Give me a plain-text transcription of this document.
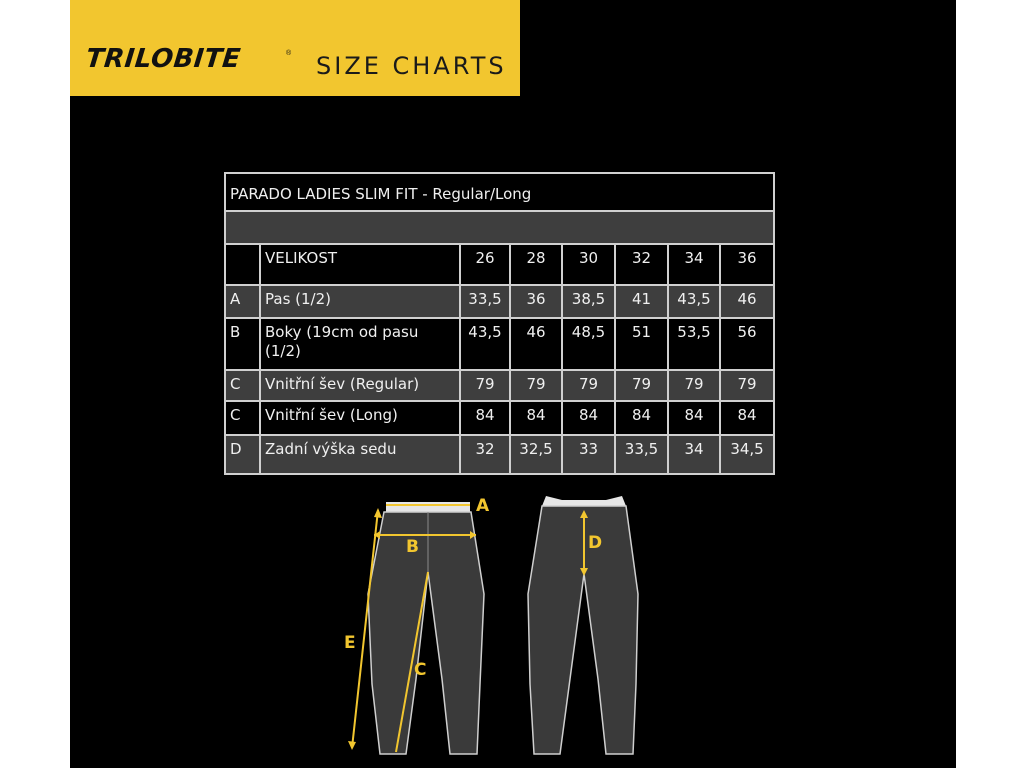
TRILOBITE	® SIZE CHARTS
PARADO LADIES SLIM FIT - Regular/Long							

	VELIKOST	26	28	30	32	34	36
A	Pas (1/2)	33,5	36	38,5	41	43,5	46
B	Boky (19cm od pasu (1/2)	43,5	46	48,5	51	53,5	56
C	Vnitřní šev (Regular)	79	79	79	79	79	79
C	Vnitřní šev (Long)	84	84	84	84	84	84
D	Zadní výška sedu	32	32,5	33	33,5	34	34,5
A
B
C
E
D
